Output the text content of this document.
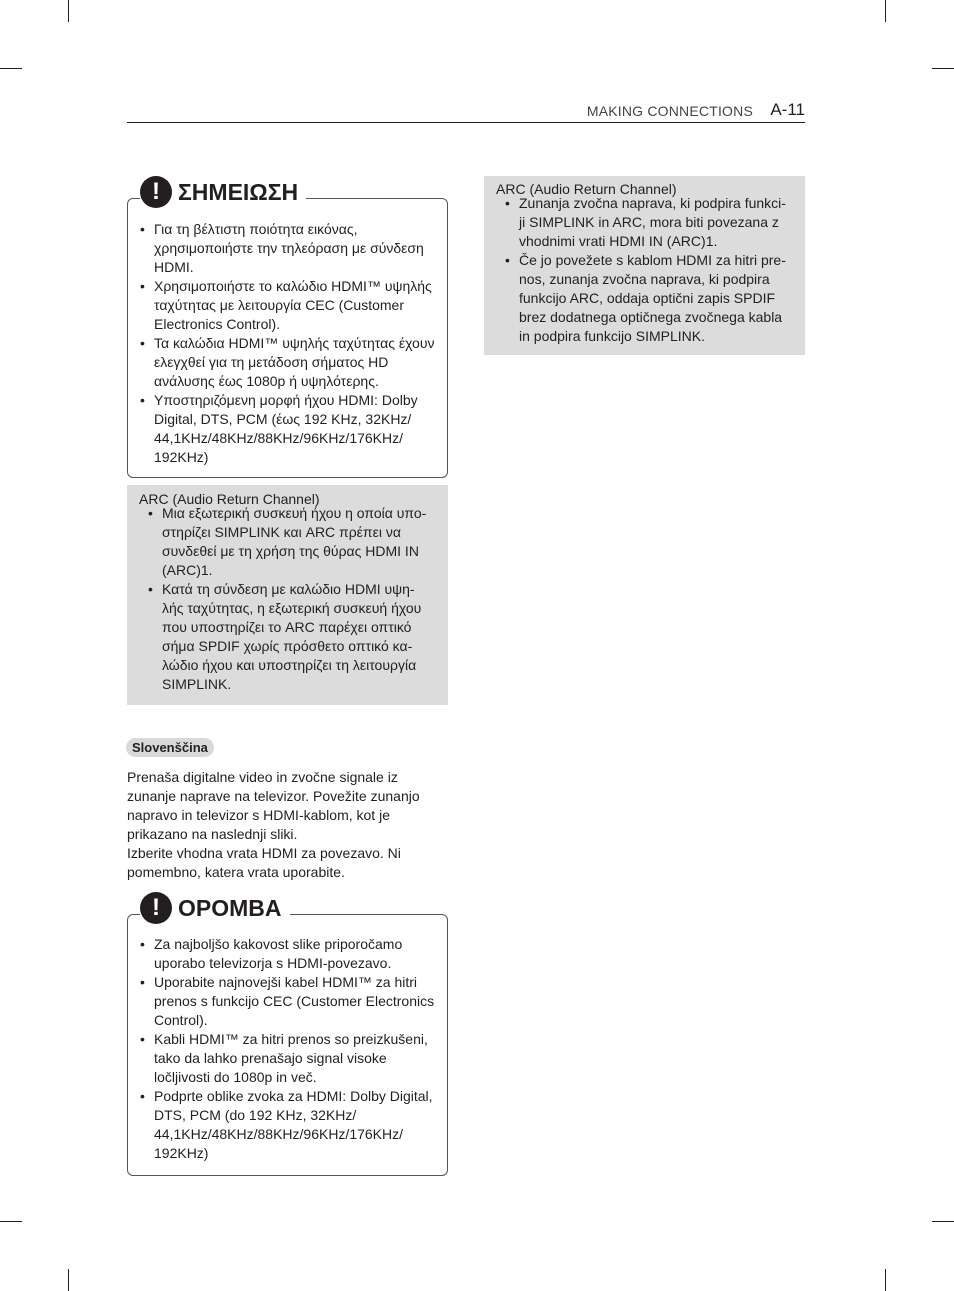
MAKING CONNECTIONS A-11
! ΣΗΜΕΙΩΣΗ
• Για τη βέλτιστη ποιότητα εικόνας, χρησιμοποιήστε την τηλεόραση με σύνδεση HDMI.
• Χρησιμοποιήστε το καλώδιο HDMI™ υψηλής ταχύτητας με λειτουργία CEC (Customer Electronics Control).
• Τα καλώδια HDMI™ υψηλής ταχύτητας έχουν ελεγχθεί για τη μετάδοση σήματος HD ανάλυσης έως 1080p ή υψηλότερης.
• Υποστηριζόμενη μορφή ήχου HDMI: Dolby Digital, DTS, PCM (έως 192 KHz, 32KHz/ 44,1KHz/48KHz/88KHz/96KHz/176KHz/ 192KHz)
ARC (Audio Return Channel)
• Μια εξωτερική συσκευή ήχου η οποία υπο- στηρίζει SIMPLINK και ARC πρέπει να συνδεθεί με τη χρήση της θύρας HDMI IN (ARC)1.
• Κατά τη σύνδεση με καλώδιο HDMI υψη- λής ταχύτητας, η εξωτερική συσκευή ήχου που υποστηρίζει το ARC παρέχει οπτικό σήμα SPDIF χωρίς πρόσθετο οπτικό κα- λώδιο ήχου και υποστηρίζει τη λειτουργία SIMPLINK.
Slovenščina
Prenaša digitalne video in zvočne signale iz zunanje naprave na televizor. Povežite zunanjo napravo in televizor s HDMI-kablom, kot je prikazano na naslednji sliki.
Izberite vhodna vrata HDMI za povezavo. Ni pomembno, katera vrata uporabite.
! OPOMBA
• Za najboljšo kakovost slike priporočamo uporabo televizorja s HDMI-povezavo.
• Uporabite najnovejši kabel HDMI™ za hitri prenos s funkcijo CEC (Customer Electronics Control).
• Kabli HDMI™ za hitri prenos so preizkušeni, tako da lahko prenašajo signal visoke ločljivosti do 1080p in več.
• Podprte oblike zvoka za HDMI: Dolby Digital, DTS, PCM (do 192 KHz, 32KHz/ 44,1KHz/48KHz/88KHz/96KHz/176KHz/ 192KHz)
ARC (Audio Return Channel)
• Zunanja zvočna naprava, ki podpira funkci- ji SIMPLINK in ARC, mora biti povezana z vhodnimi vrati HDMI IN (ARC)1.
• Če jo povežete s kablom HDMI za hitri pre- nos, zunanja zvočna naprava, ki podpira funkcijo ARC, oddaja optični zapis SPDIF brez dodatnega optičnega zvočnega kabla in podpira funkcijo SIMPLINK.
